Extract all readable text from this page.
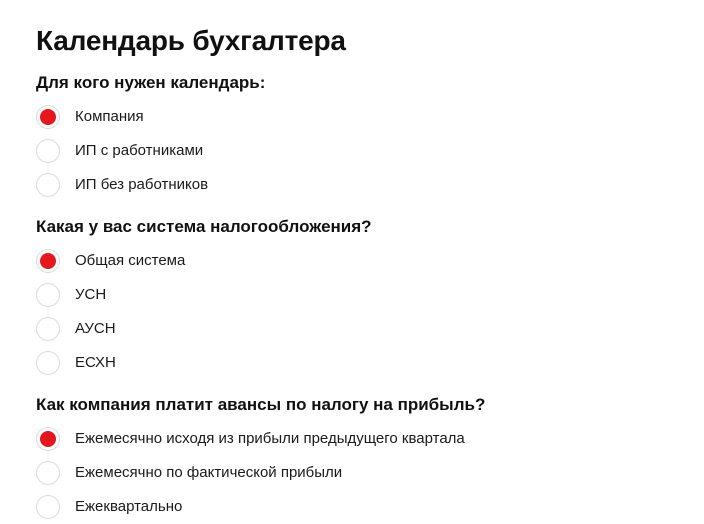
Календарь бухгалтера
Для кого нужен календарь:
Компания
ИП с работниками
ИП без работников
Какая у вас система налогообложения?
Общая система
УСН
АУСН
ЕСХН
Как компания платит авансы по налогу на прибыль?
Ежемесячно исходя из прибыли предыдущего квартала
Ежемесячно по фактической прибыли
Ежеквартально
